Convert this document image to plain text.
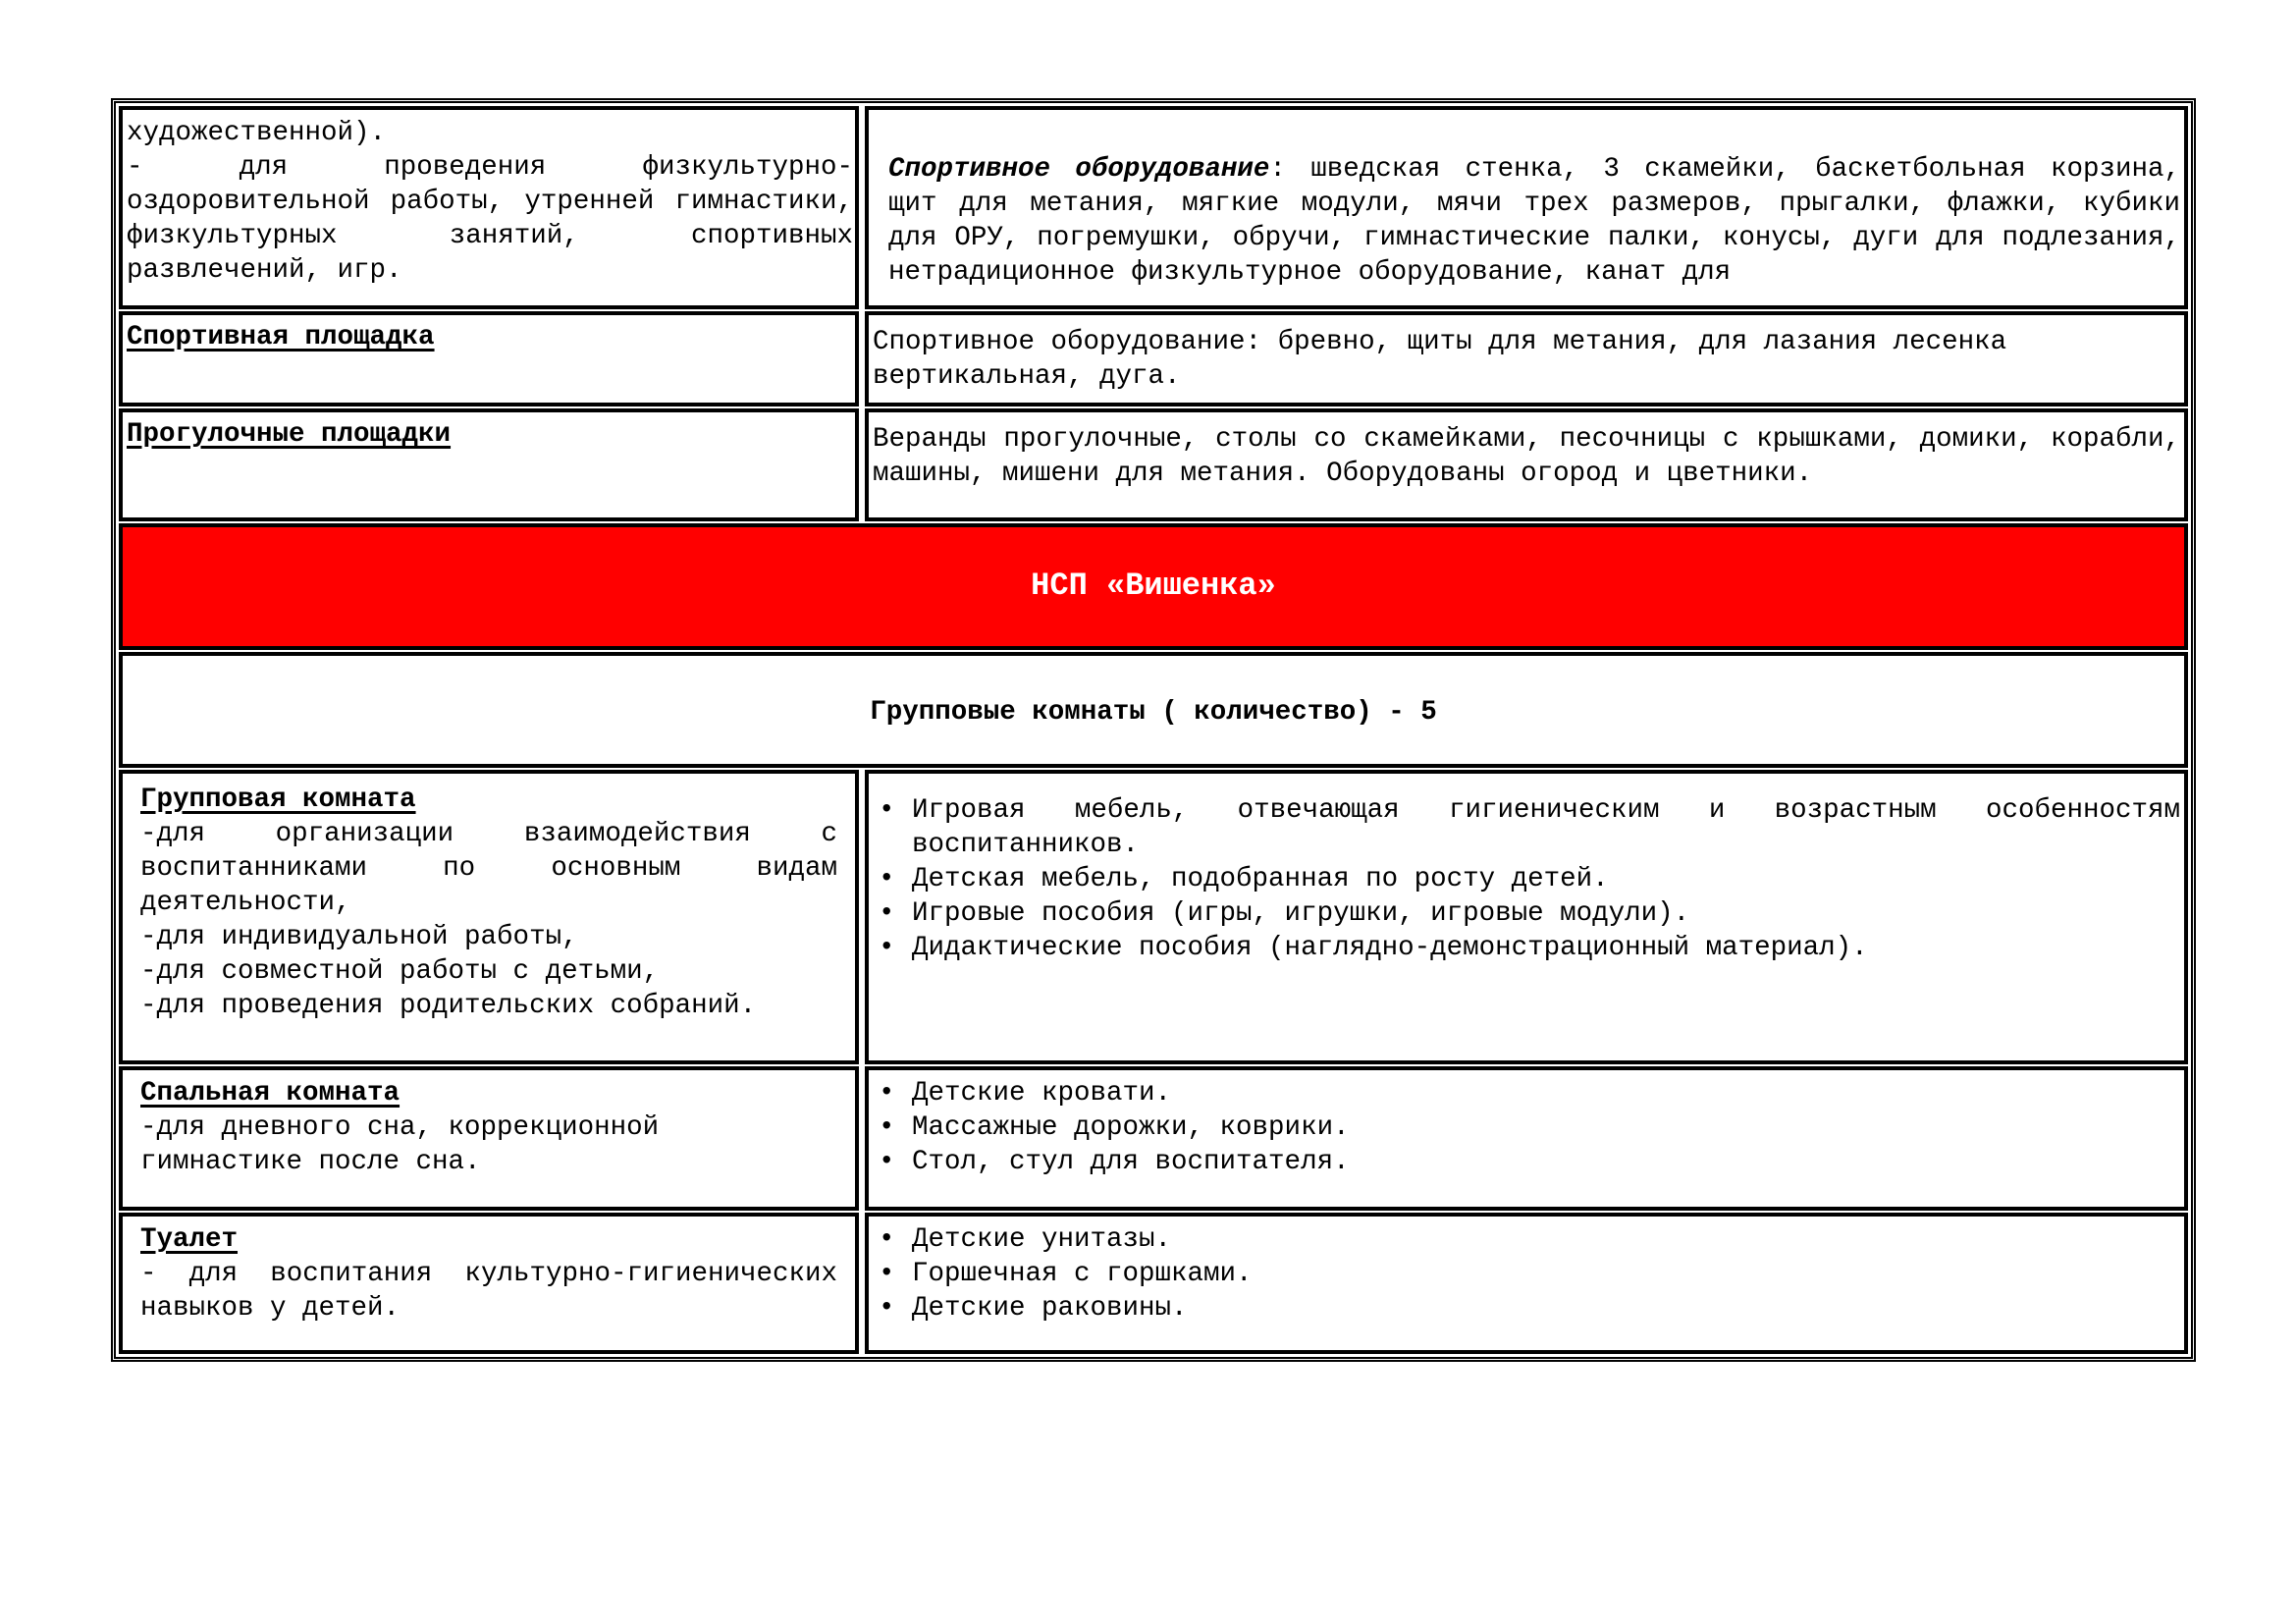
художественной).
- для проведения физкультурно-оздоровительной работы, утренней гимнастики, физкультурных занятий, спортивных развлечений, игр.
Спортивное оборудование: шведская стенка, 3 скамейки, баскетбольная корзина, щит для метания, мягкие модули, мячи трех размеров, прыгалки, флажки, кубики для ОРУ, погремушки, обручи, гимнастические палки, конусы, дуги для подлезания, нетрадиционное физкультурное оборудование, канат для
Спортивная площадка	Спортивное оборудование: бревно, щиты для метания, для лазания лесенка вертикальная, дуга.
Прогулочные площадки	Веранды прогулочные, столы со скамейками, песочницы с крышками, домики, корабли, машины, мишени для метания. Оборудованы огород и цветники.
НСП «Вишенка»
Групповые комнаты ( количество) - 5
Групповая комната
-для организации взаимодействия с воспитанниками по основным видам деятельности,
-для индивидуальной работы,
-для совместной работы с детьми,
-для проведения родительских собраний.
• Игровая мебель, отвечающая гигиеническим и возрастным особенностям воспитанников.
• Детская мебель, подобранная по росту детей.
• Игровые пособия (игры, игрушки, игровые модули).
• Дидактические пособия (наглядно-демонстрационный материал).
Спальная комната
-для дневного сна, коррекционной гимнастике после сна.
• Детские кровати.
• Массажные дорожки, коврики.
• Стол, стул для воспитателя.
Туалет
- для воспитания культурно-гигиенических навыков у детей.
• Детские унитазы.
• Горшечная с горшками.
• Детские раковины.
